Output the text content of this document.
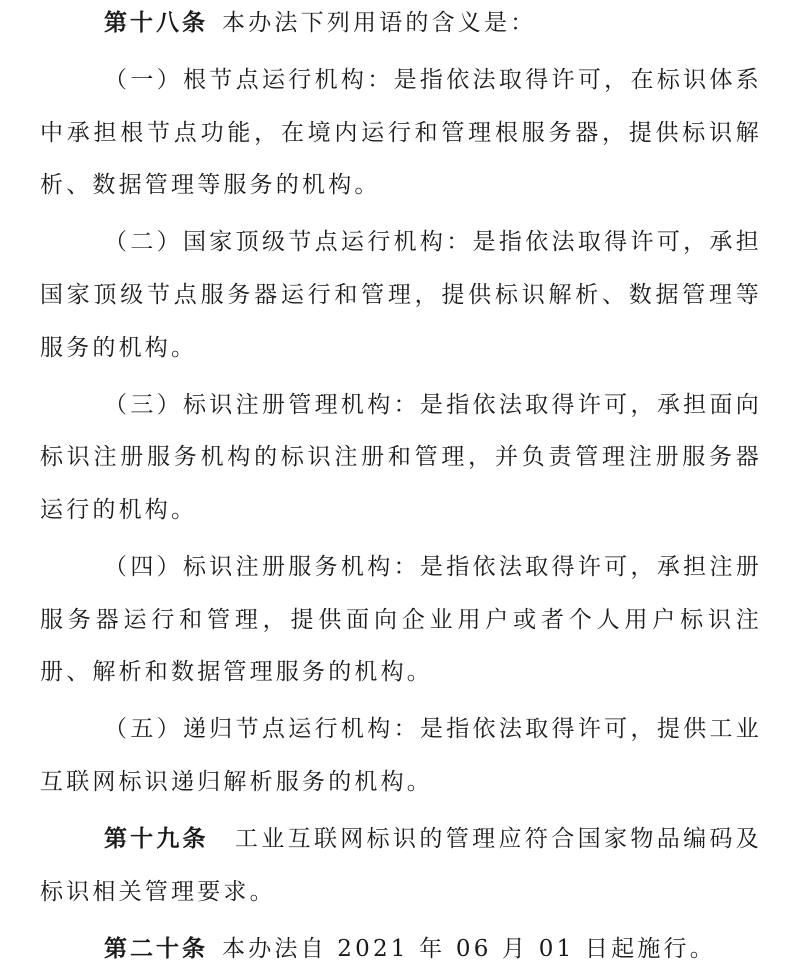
第十八条 本办法下列用语的含义是：

（一）根节点运行机构：是指依法取得许可，在标识体系中承担根节点功能，在境内运行和管理根服务器，提供标识解析、数据管理等服务的机构。

（二）国家顶级节点运行机构：是指依法取得许可，承担国家顶级节点服务器运行和管理，提供标识解析、数据管理等服务的机构。

（三）标识注册管理机构：是指依法取得许可，承担面向标识注册服务机构的标识注册和管理，并负责管理注册服务器运行的机构。

（四）标识注册服务机构：是指依法取得许可，承担注册服务器运行和管理，提供面向企业用户或者个人用户标识注册、解析和数据管理服务的机构。

（五）递归节点运行机构：是指依法取得许可，提供工业互联网标识递归解析服务的机构。

第十九条 工业互联网标识的管理应符合国家物品编码及标识相关管理要求。

第二十条 本办法自 2021 年 06 月 01 日起施行。
